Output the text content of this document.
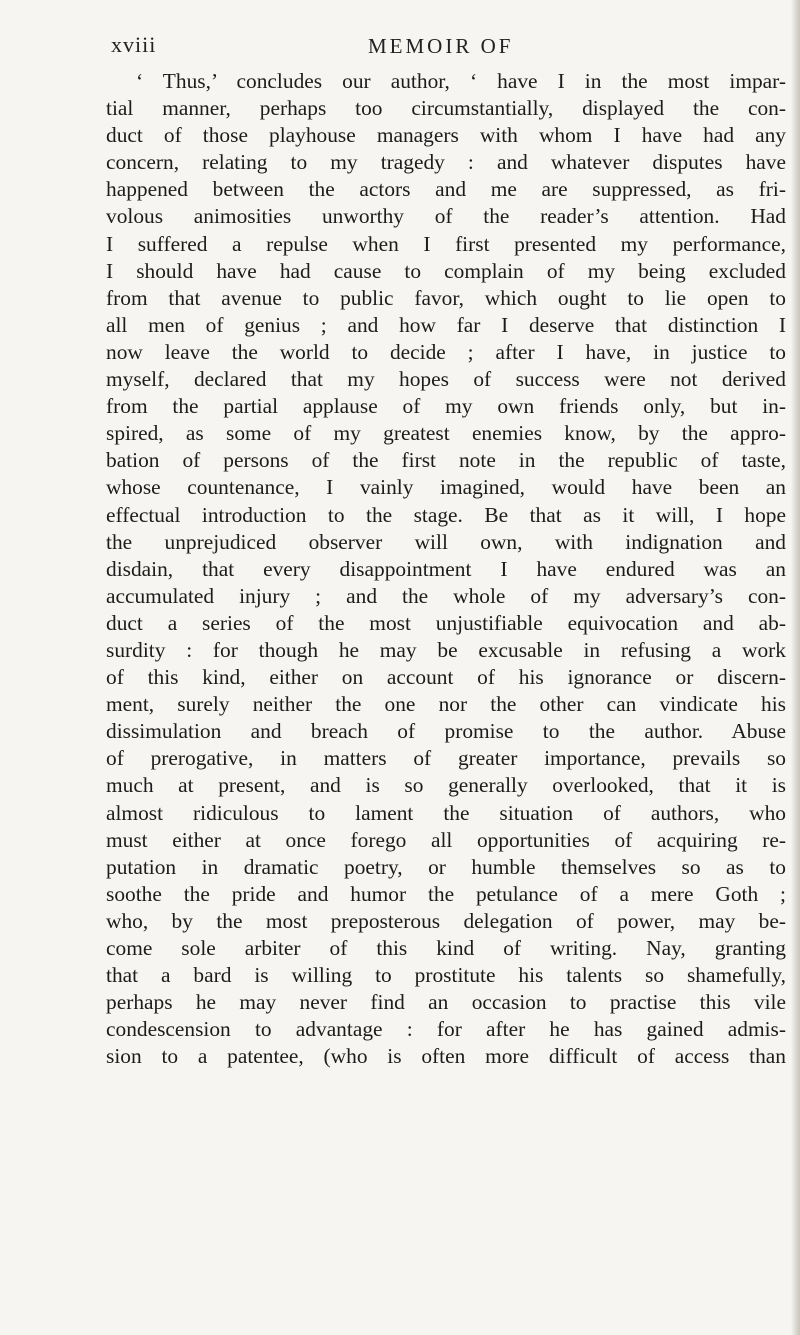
xviii	MEMOIR OF
‘ Thus,’ concludes our author, ‘ have I in the most impar-
tial manner, perhaps too circumstantially, displayed the con-
duct of those playhouse managers with whom I have had any
concern, relating to my tragedy : and whatever disputes have
happened between the actors and me are suppressed, as fri-
volous animosities unworthy of the reader’s attention. Had
I suffered a repulse when I first presented my performance,
I should have had cause to complain of my being excluded
from that avenue to public favor, which ought to lie open to
all men of genius ; and how far I deserve that distinction I
now leave the world to decide ; after I have, in justice to
myself, declared that my hopes of success were not derived
from the partial applause of my own friends only, but in-
spired, as some of my greatest enemies know, by the appro-
bation of persons of the first note in the republic of taste,
whose countenance, I vainly imagined, would have been an
effectual introduction to the stage. Be that as it will, I hope
the unprejudiced observer will own, with indignation and
disdain, that every disappointment I have endured was an
accumulated injury ; and the whole of my adversary’s con-
duct a series of the most unjustifiable equivocation and ab-
surdity : for though he may be excusable in refusing a work
of this kind, either on account of his ignorance or discern-
ment, surely neither the one nor the other can vindicate his
dissimulation and breach of promise to the author. Abuse
of prerogative, in matters of greater importance, prevails so
much at present, and is so generally overlooked, that it is
almost ridiculous to lament the situation of authors, who
must either at once forego all opportunities of acquiring re-
putation in dramatic poetry, or humble themselves so as to
soothe the pride and humor the petulance of a mere Goth ;
who, by the most preposterous delegation of power, may be-
come sole arbiter of this kind of writing. Nay, granting
that a bard is willing to prostitute his talents so shamefully,
perhaps he may never find an occasion to practise this vile
condescension to advantage : for after he has gained admis-
sion to a patentee, (who is often more difficult of access than
